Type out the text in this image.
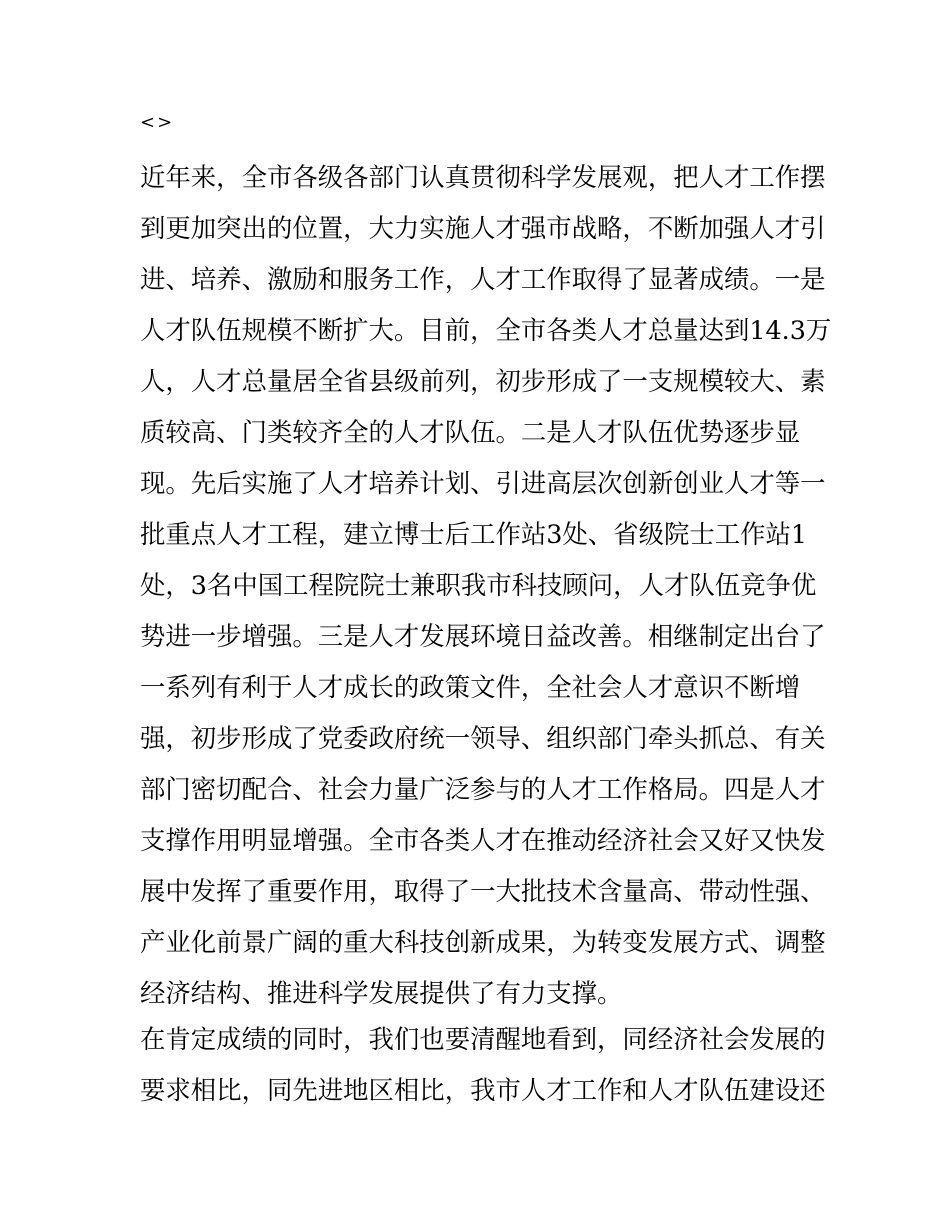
<>
近年来，全市各级各部门认真贯彻科学发展观，把人才工作摆
到更加突出的位置，大力实施人才强市战略，不断加强人才引
进、培养、激励和服务工作，人才工作取得了显著成绩。一是
人才队伍规模不断扩大。目前，全市各类人才总量达到14.3万
人，人才总量居全省县级前列，初步形成了一支规模较大、素
质较高、门类较齐全的人才队伍。二是人才队伍优势逐步显
现。先后实施了人才培养计划、引进高层次创新创业人才等一
批重点人才工程，建立博士后工作站3处、省级院士工作站1
处，3名中国工程院院士兼职我市科技顾问，人才队伍竞争优
势进一步增强。三是人才发展环境日益改善。相继制定出台了
一系列有利于人才成长的政策文件，全社会人才意识不断增
强，初步形成了党委政府统一领导、组织部门牵头抓总、有关
部门密切配合、社会力量广泛参与的人才工作格局。四是人才
支撑作用明显增强。全市各类人才在推动经济社会又好又快发
展中发挥了重要作用，取得了一大批技术含量高、带动性强、
产业化前景广阔的重大科技创新成果，为转变发展方式、调整
经济结构、推进科学发展提供了有力支撑。
在肯定成绩的同时，我们也要清醒地看到，同经济社会发展的
要求相比，同先进地区相比，我市人才工作和人才队伍建设还
